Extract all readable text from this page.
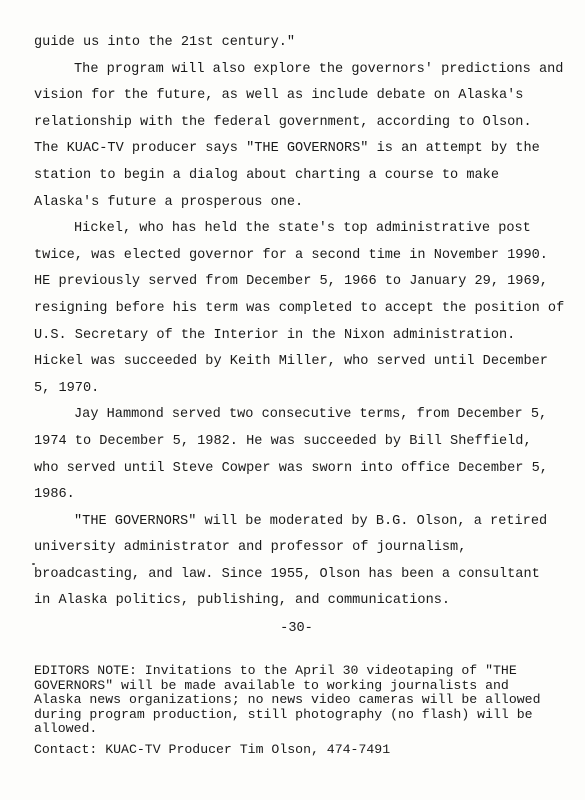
guide us into the 21st century."

The program will also explore the governors' predictions and
vision for the future, as well as include debate on Alaska's
relationship with the federal government, according to Olson.
The KUAC-TV producer says "THE GOVERNORS" is an attempt by the
station to begin a dialog about charting a course to make
Alaska's future a prosperous one.

Hickel, who has held the state's top administrative post
twice, was elected governor for a second time in November 1990.
HE previously served from December 5, 1966 to January 29, 1969,
resigning before his term was completed to accept the position of
U.S. Secretary of the Interior in the Nixon administration.
Hickel was succeeded by Keith Miller, who served until December
5, 1970.

Jay Hammond served two consecutive terms, from December 5,
1974 to December 5, 1982. He was succeeded by Bill Sheffield,
who served until Steve Cowper was sworn into office December 5,
1986.

"THE GOVERNORS" will be moderated by B.G. Olson, a retired
university administrator and professor of journalism,
broadcasting, and law. Since 1955, Olson has been a consultant
in Alaska politics, publishing, and communications.

-30-
EDITORS NOTE: Invitations to the April 30 videotaping of "THE
GOVERNORS" will be made available to working journalists and
Alaska news organizations; no news video cameras will be allowed
during program production, still photography (no flash) will be
allowed.
Contact: KUAC-TV Producer Tim Olson, 474-7491
